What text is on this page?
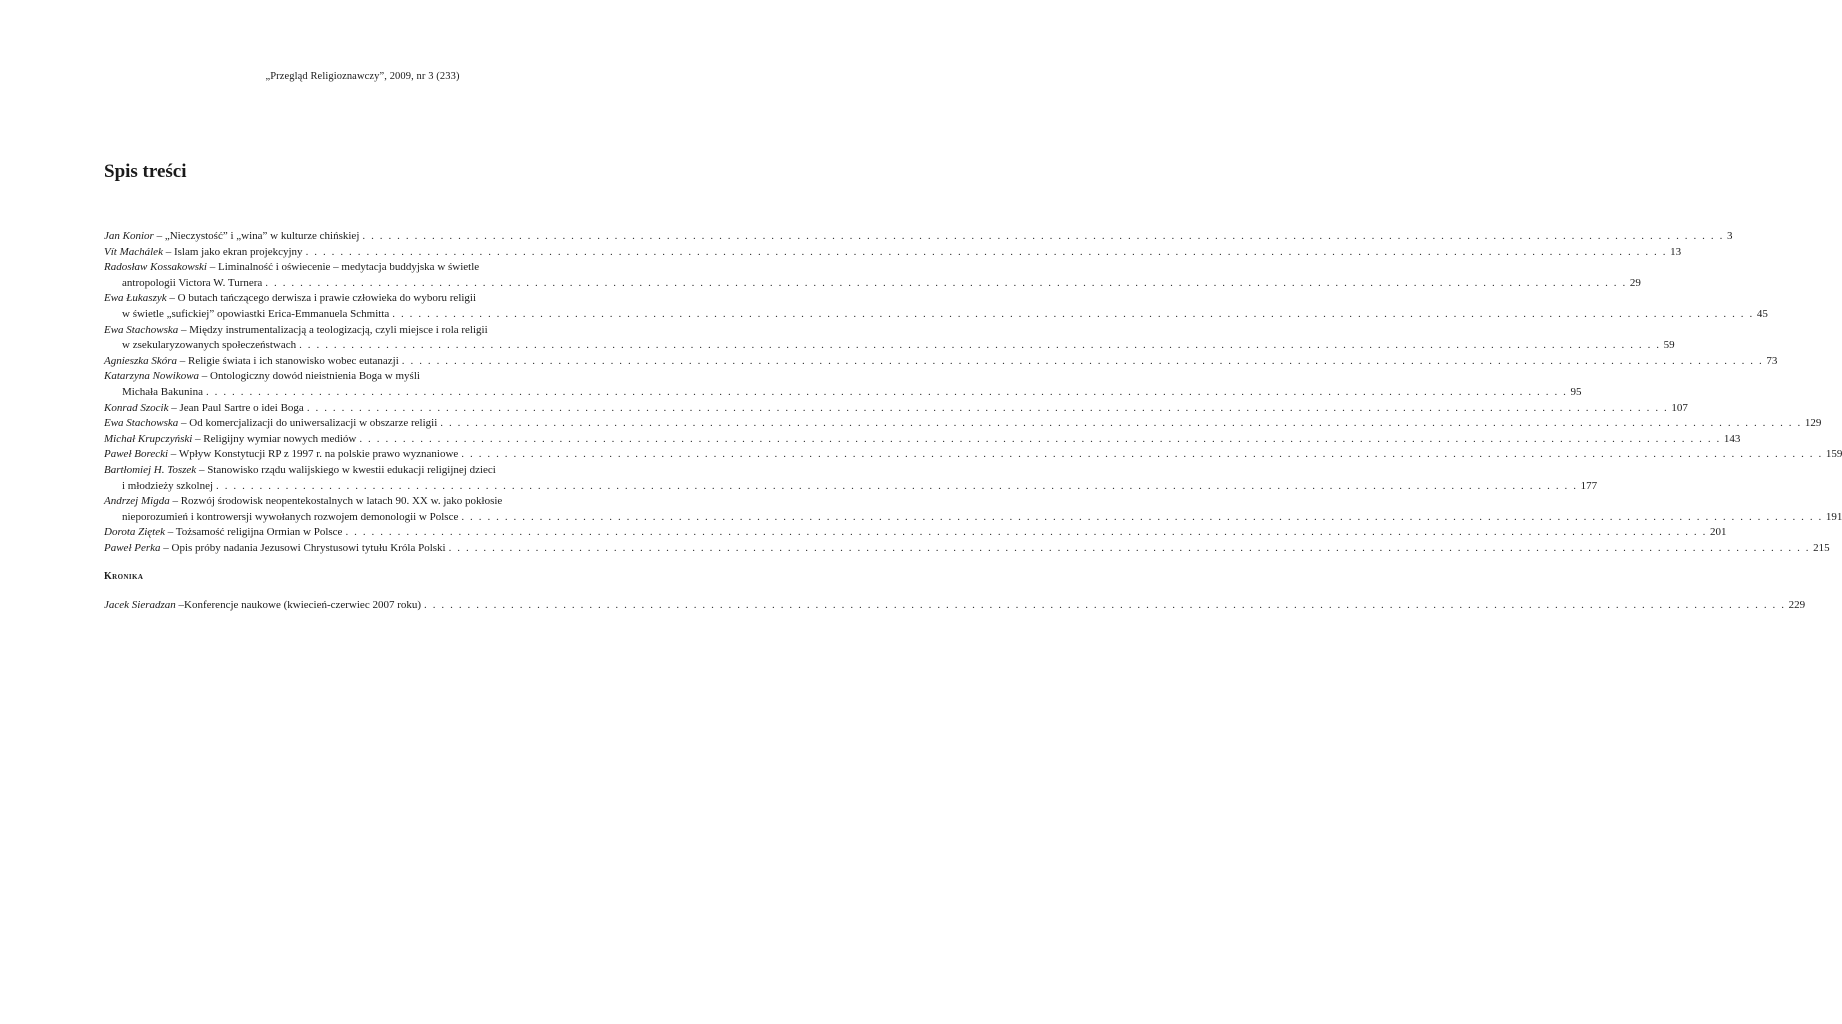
„Przegląd Religioznawczy”, 2009, nr 3 (233)
Spis treści
Jan Konior – „Nieczystość” i „wina” w kulturze chińskiej . . .	3
Vít Machálek – Islam jako ekran projekcyjny . . .	13
Radosław Kossakowski – Liminalność i oświecenie – medytacja buddyjska w świetle
antropologii Victora W. Turnera . . .	29
Ewa Łukaszyk – O butach tańczącego derwisza i prawie człowieka do wyboru religii
w świetle „sufickiej” opowiastki Erica-Emmanuela Schmitta . . .	45
Ewa Stachowska – Między instrumentalizacją a teologizacją, czyli miejsce i rola religii
w zsekularyzowanych społeczeństwach . . .	59
Agnieszka Skóra – Religie świata i ich stanowisko wobec eutanazji . . .	73
Katarzyna Nowikowa – Ontologiczny dowód nieistnienia Boga w myśli
Michała Bakunina . . .	95
Konrad Szocik – Jean Paul Sartre o idei Boga . . .	107
Ewa Stachowska – Od komercjalizacji do uniwersalizacji w obszarze religii . . .	129
Michał Krupczyński – Religijny wymiar nowych mediów . . .	143
Paweł Borecki – Wpływ Konstytucji RP z 1997 r. na polskie prawo wyznaniowe . . .	159
Bartłomiej H. Toszek – Stanowisko rządu walijskiego w kwestii edukacji religijnej dzieci
i młodzieży szkolnej . . .	177
Andrzej Migda – Rozwój środowisk neopentekostalnych w latach 90. XX w. jako pokłosie
nieporozumień i kontrowersji wywołanych rozwojem demonologii w Polsce . . .	191
Dorota Ziętek – Tożsamość religijna Ormian w Polsce . . .	201
Paweł Perka – Opis próby nadania Jezusowi Chrystusowi tytułu Króla Polski . . .	215
Kronika
Jacek Sieradzan –Konferencje naukowe (kwiecień-czerwiec 2007 roku) . . .	229
